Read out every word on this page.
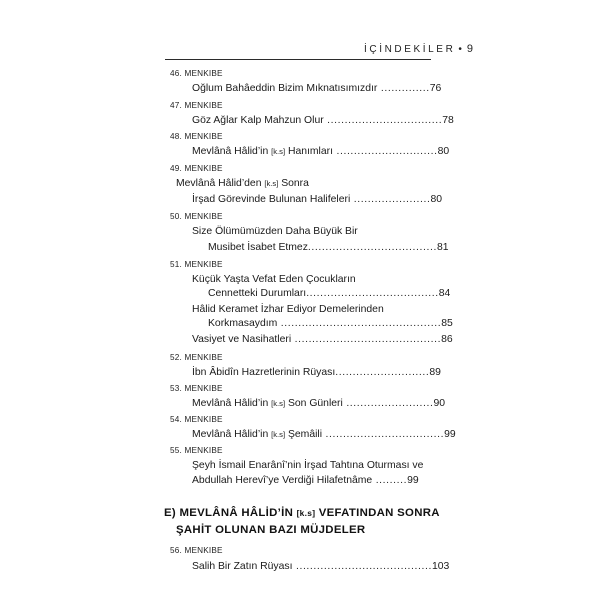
İÇİNDEKİLER • 9
46. MENKIBE
Oğlum Bahâeddin Bizim Mıknatısımızdır ..............76
47. MENKIBE
Göz Ağlar Kalp Mahzun Olur .................................78
48. MENKIBE
Mevlânâ Hâlid’in [k.s] Hanımları .............................80
49. MENKIBE
Mevlânâ Hâlid’den [k.s] Sonra
İrşad Görevinde Bulunan Halifeleri ......................80
50. MENKIBE
Size Ölümümüzden Daha Büyük Bir
Musibet İsabet Etmez.....................................81
51. MENKIBE
Küçük Yaşta Vefat Eden Çocukların
Cennetteki Durumları......................................84
Hâlid Keramet İzhar Ediyor Demelerinden
Korkmasaydım ..............................................85
Vasiyet ve Nasihatleri ..........................................86
52. MENKIBE
İbn Âbidîn Hazretlerinin Rüyası...........................89
53. MENKIBE
Mevlânâ Hâlid’in [k.s] Son Günleri .........................90
54. MENKIBE
Mevlânâ Hâlid’in [k.s] Şemâili ..................................99
55. MENKIBE
Şeyh İsmail Enarânî’nin İrşad Tahtına Oturması ve
Abdullah Herevî’ye Verdiği Hilafetnâme .........99
E) MEVLÂNÂ HÂLİD’İN [k.s] VEFATINDAN SONRA
ŞAHİT OLUNAN BAZI MÜJDELER
56. MENKIBE
Salih Bir Zatın Rüyası .......................................103
